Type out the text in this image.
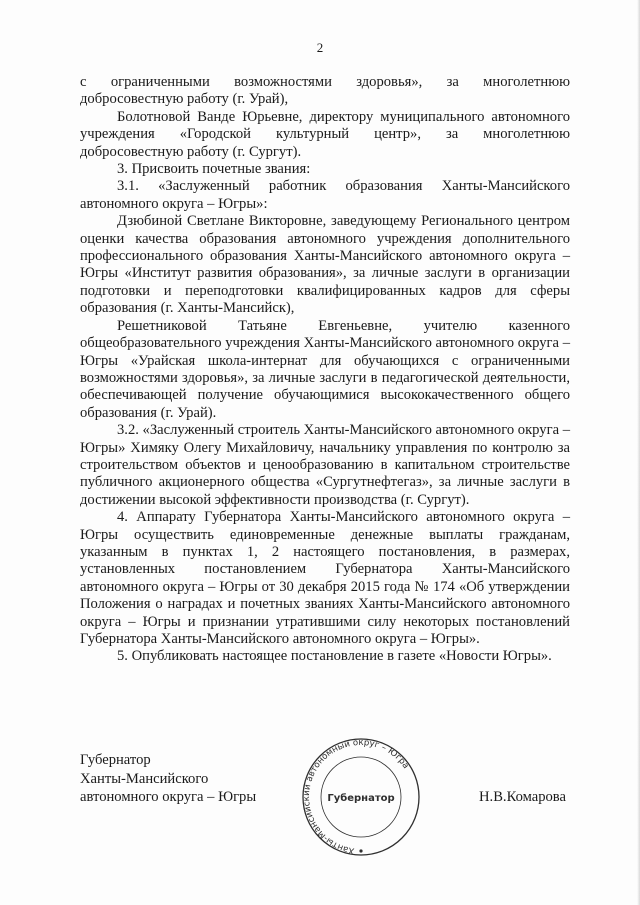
2

с ограниченными возможностями здоровья», за многолетнюю добросовестную работу (г. Урай),

Болотновой Ванде Юрьевне, директору муниципального автономного учреждения «Городской культурный центр», за многолетнюю добросовестную работу (г. Сургут).

3. Присвоить почетные звания:

3.1. «Заслуженный работник образования Ханты-Мансийского автономного округа – Югры»:

Дзюбиной Светлане Викторовне, заведующему Регионального центром оценки качества образования автономного учреждения дополнительного профессионального образования Ханты-Мансийского автономного округа – Югры «Институт развития образования», за личные заслуги в организации подготовки и переподготовки квалифицированных кадров для сферы образования (г. Ханты-Мансийск),

Решетниковой Татьяне Евгеньевне, учителю казенного общеобразовательного учреждения Ханты-Мансийского автономного округа – Югры «Урайская школа-интернат для обучающихся с ограниченными возможностями здоровья», за личные заслуги в педагогической деятельности, обеспечивающей получение обучающимися высококачественного общего образования (г. Урай).

3.2. «Заслуженный строитель Ханты-Мансийского автономного округа – Югры» Химяку Олегу Михайловичу, начальнику управления по контролю за строительством объектов и ценообразованию в капитальном строительстве публичного акционерного общества «Сургутнефтегаз», за личные заслуги в достижении высокой эффективности производства (г. Сургут).

4. Аппарату Губернатора Ханты-Мансийского автономного округа – Югры осуществить единовременные денежные выплаты гражданам, указанным в пунктах 1, 2 настоящего постановления, в размерах, установленных постановлением Губернатора Ханты-Мансийского автономного округа – Югры от 30 декабря 2015 года № 174 «Об утверждении Положения о наградах и почетных званиях Ханты-Мансийского автономного округа – Югры и признании утратившими силу некоторых постановлений Губернатора Ханты-Мансийского автономного округа – Югры».

5. Опубликовать настоящее постановление в газете «Новости Югры».

Губернатор
Ханты-Мансийского
автономного округа – Югры
Ханты-Мансийский автономный округ – Югра
Губернатор	Н.В.Комарова
